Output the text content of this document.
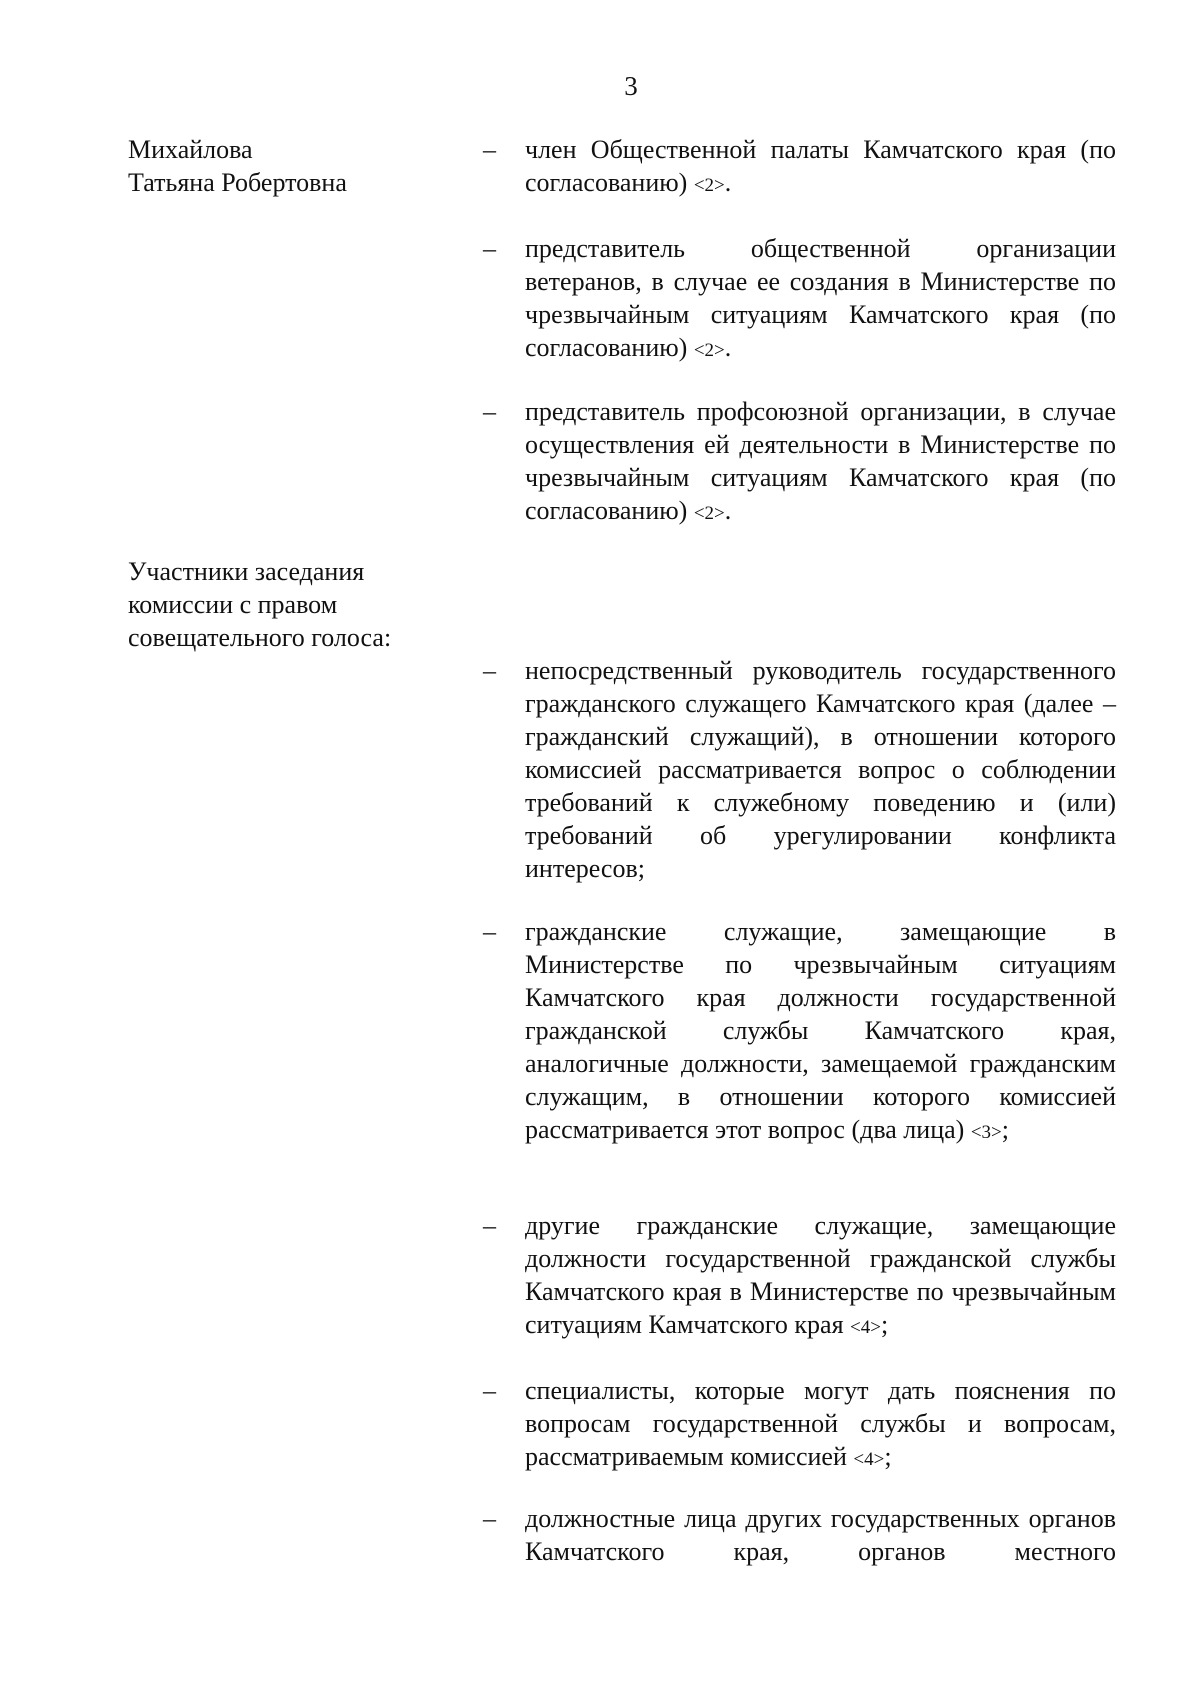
3
Михайлова
Татьяна Робертовна
Участники заседания
комиссии с правом
совещательного голоса:
– член Общественной палаты Камчатского края (по согласованию) <2>.
– представитель общественной организации ветеранов, в случае ее создания в Министерстве по чрезвычайным ситуациям Камчатского края (по согласованию) <2>.
– представитель профсоюзной организации, в случае осуществления ей деятельности в Министерстве по чрезвычайным ситуациям Камчатского края (по согласованию) <2>.
– непосредственный руководитель государственного гражданского служащего Камчатского края (далее – гражданский служащий), в отношении которого комиссией рассматривается вопрос о соблюдении требований к служебному поведению и (или) требований об урегулировании конфликта интересов;
– гражданские служащие, замещающие в Министерстве по чрезвычайным ситуациям Камчатского края должности государственной гражданской службы Камчатского края, аналогичные должности, замещаемой гражданским служащим, в отношении которого комиссией рассматривается этот вопрос (два лица) <3>;
– другие гражданские служащие, замещающие должности государственной гражданской службы Камчатского края в Министерстве по чрезвычайным ситуациям Камчатского края <4>;
– специалисты, которые могут дать пояснения по вопросам государственной службы и вопросам, рассматриваемым комиссией <4>;
– должностные лица других государственных органов Камчатского края, органов местного
